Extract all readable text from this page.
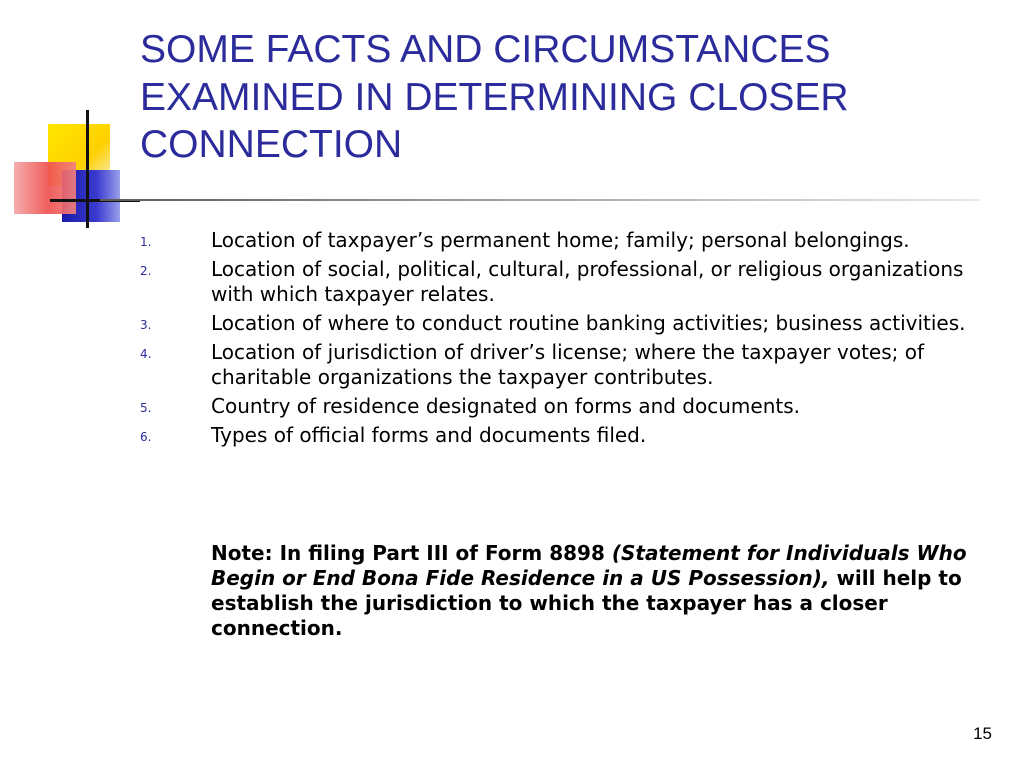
SOME FACTS AND CIRCUMSTANCES EXAMINED IN DETERMINING CLOSER CONNECTION
1.	Location of taxpayer’s permanent home; family; personal belongings.
2.	Location of social, political, cultural, professional, or religious organizations with which taxpayer relates.
3.	Location of where to conduct routine banking activities; business activities.
4.	Location of jurisdiction of driver’s license; where the taxpayer votes; of charitable organizations the taxpayer contributes.
5.	Country of residence designated on forms and documents.
6.	Types of official forms and documents filed.

Note: In filing Part III of Form 8898 (Statement for Individuals Who Begin or End Bona Fide Residence in a US Possession), will help to establish the jurisdiction to which the taxpayer has a closer connection.

15
